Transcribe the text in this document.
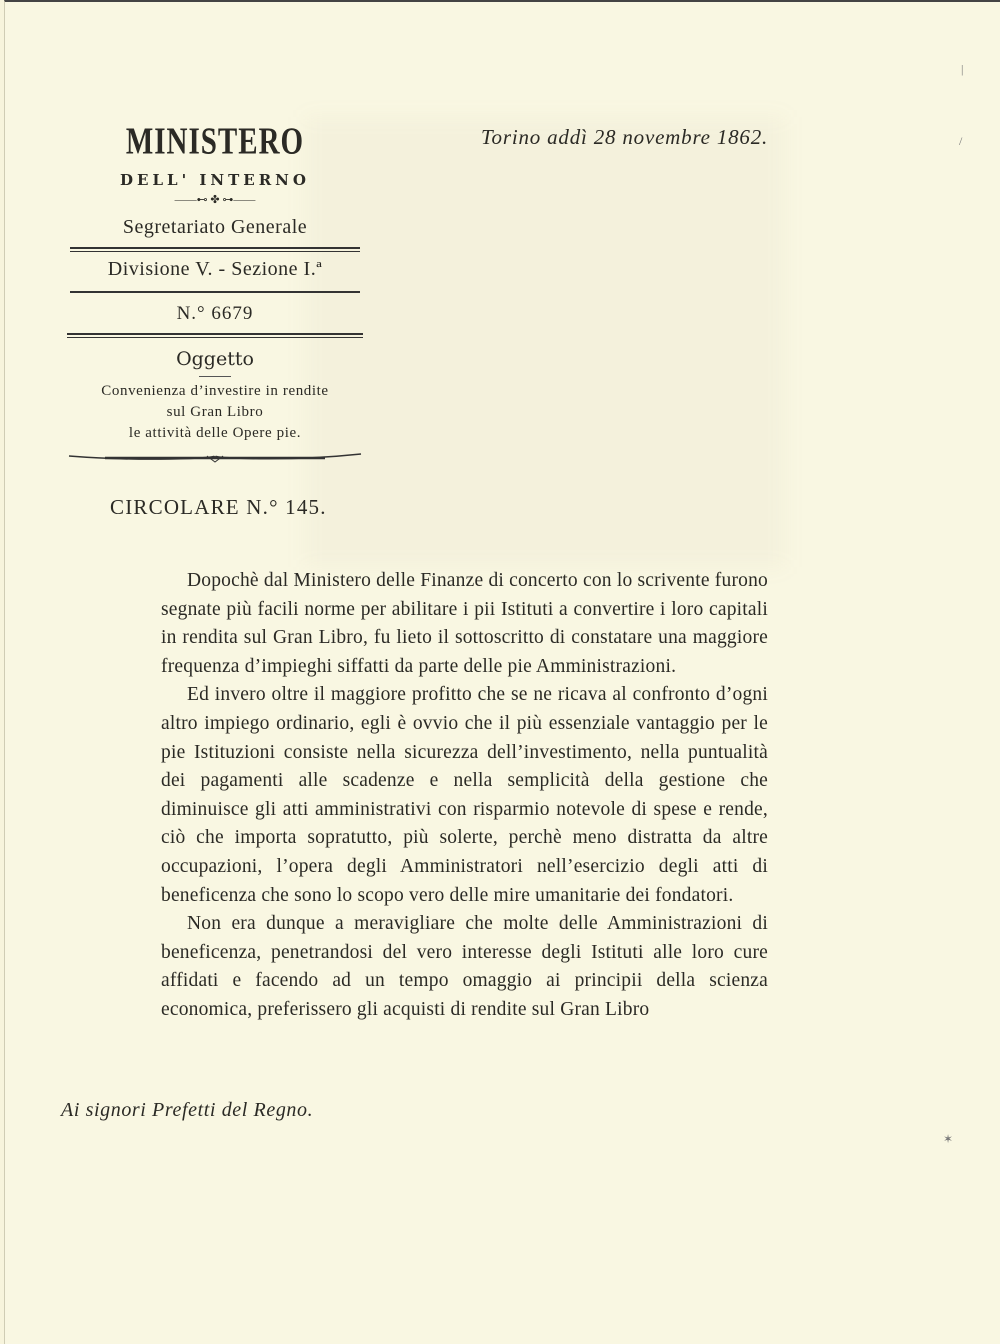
MINISTERO
DELL' INTERNO
——⊷ ✤ ⊶——
Segretariato Generale
Divisione V. - Sezione I.ª
N.° 6679
Oggetto
Convenienza d’investire in rendite
sul Gran Libro
le attività delle Opere pie.
CIRCOLARE N.° 145.
Torino addì 28 novembre 1862.

Dopochè dal Ministero delle Finanze di concerto con lo scrivente furono segnate più facili norme per abilitare i pii Istituti a convertire i loro capitali in rendita sul Gran Libro, fu lieto il sottoscritto di constatare una maggiore frequenza d’impieghi siffatti da parte delle pie Amministrazioni.

Ed invero oltre il maggiore profitto che se ne ricava al confronto d’ogni altro impiego ordinario, egli è ovvio che il più essenziale vantaggio per le pie Istituzioni consiste nella sicurezza dell’investimento, nella puntualità dei pagamenti alle scadenze e nella semplicità della gestione che diminuisce gli atti amministrativi con risparmio notevole di spese e rende, ciò che importa sopratutto, più solerte, perchè meno distratta da altre occupazioni, l’opera degli Amministratori nell’esercizio degli atti di beneficenza che sono lo scopo vero delle mire umanitarie dei fondatori.

Non era dunque a meravigliare che molte delle Amministrazioni di beneficenza, penetrandosi del vero interesse degli Istituti alle loro cure affidati e facendo ad un tempo omaggio ai principii della scienza economica, preferissero gli acquisti di rendite sul Gran Libro

Ai signori Prefetti del Regno.
|
/
✶
